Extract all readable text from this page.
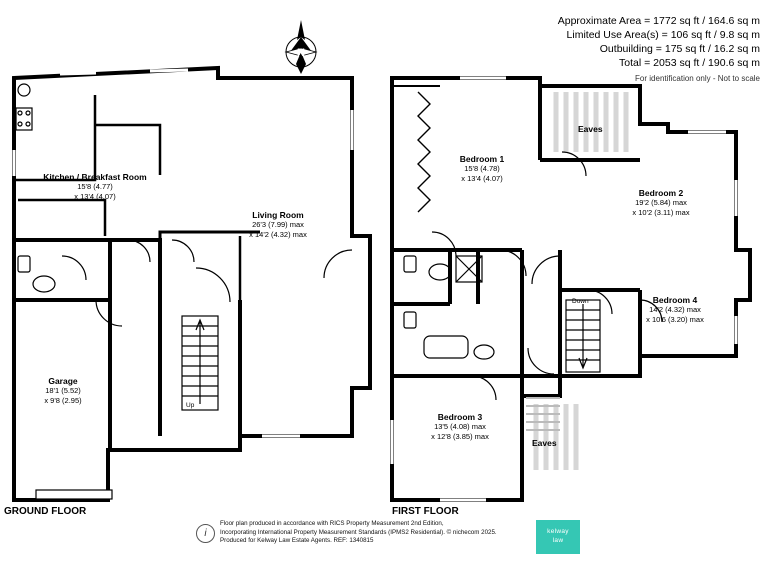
Approximate Area = 1772 sq ft / 164.6 sq m
Limited Use Area(s) = 106 sq ft / 9.8 sq m
Outbuilding = 175 sq ft / 16.2 sq m
Total = 2053 sq ft / 190.6 sq m
For identification only - Not to scale
N
Kitchen / Breakfast Room
15'8 (4.77)
x 13'4 (4.07)
Living Room
26'3 (7.99) max
x 14'2 (4.32) max
Garage
18'1 (5.52)
x 9'8 (2.95)
Up
GROUND FLOOR
Bedroom 1
15'8 (4.78)
x 13'4 (4.07)
Bedroom 2
19'2 (5.84) max
x 10'2 (3.11) max
Bedroom 4
14'2 (4.32) max
x 10'6 (3.20) max
Bedroom 3
13'5 (4.08) max
x 12'8 (3.85) max
Eaves
Eaves
Down
FIRST FLOOR
i
Floor plan produced in accordance with RICS Property Measurement 2nd Edition,
Incorporating International Property Measurement Standards (IPMS2 Residential). © nichecom 2025.
Produced for Kelway Law Estate Agents. REF: 1340815
kelway
law
